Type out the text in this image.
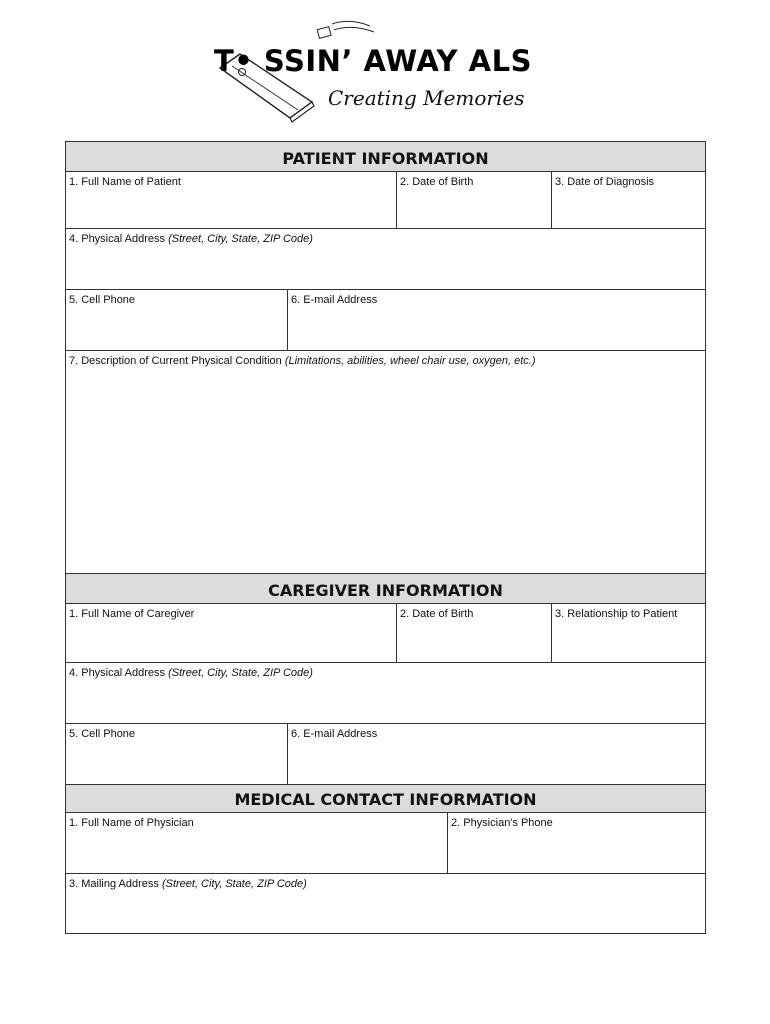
T• SSIN’ AWAY ALS
Creating Memories
PATIENT INFORMATION
1. Full Name of Patient	2. Date of Birth	3. Date of Diagnosis
4. Physical Address (Street, City, State, ZIP Code)
5. Cell Phone	6. E-mail Address
7. Description of Current Physical Condition (Limitations, abilities, wheel chair use, oxygen, etc.)
CAREGIVER INFORMATION
1. Full Name of Caregiver	2. Date of Birth	3. Relationship to Patient
4. Physical Address (Street, City, State, ZIP Code)
5. Cell Phone	6. E-mail Address
MEDICAL CONTACT INFORMATION
1. Full Name of Physician	2. Physician's Phone
3. Mailing Address (Street, City, State, ZIP Code)
